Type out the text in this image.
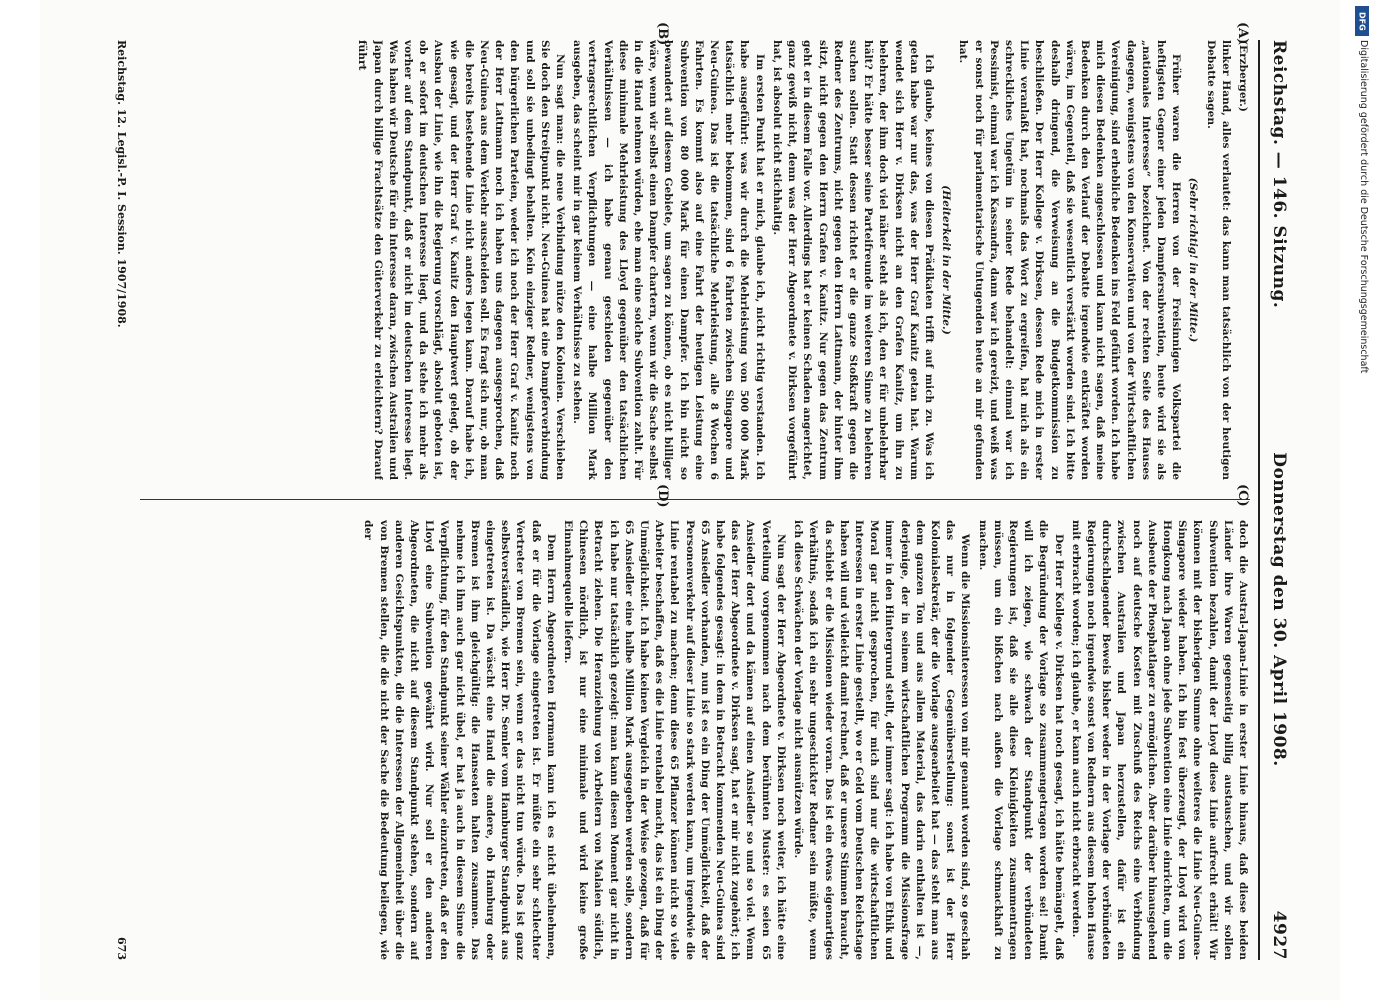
Reichstag. — 146. Sitzung.
Donnerstag den 30. April 1908.
4927

(Erzberger.)

linker Hand, alles verlautet: das kann man tatsächlich von der heutigen Debatte sagen.

(Sehr richtig! in der Mitte.)

Früher waren die Herren von der Freisinnigen Volkspartei die heftigsten Gegner einer jeden Dampfersubvention, heute wird sie als „nationales Interesse“ bezeichnet. Von der rechten Seite des Hauses dagegen, wenigstens von den Konservativen und von der Wirtschaftlichen Vereinigung, sind erhebliche Bedenken ins Feld geführt worden. Ich habe mich diesen Bedenken angeschlossen und kann nicht sagen, daß meine Bedenken durch den Verlauf der Debatte irgendwie entkräftet worden wären, im Gegenteil, daß sie wesentlich verstärkt worden sind. Ich bitte deshalb dringend, die Verweisung an die Budgetkommission zu beschließen. Der Herr Kollege v. Dirksen, dessen Rede mich in erster Linie veranlaßt hat, nochmals das Wort zu ergreifen, hat mich als ein schreckliches Ungetüm in seiner Rede behandelt: einmal war ich Pessimist, einmal war ich Kassandra, dann war ich gereizt, und weiß was er sonst noch für parlamentarische Untugenden heute an mir gefunden hat.

(Heiterkeit in der Mitte.)

Ich glaube, keines von diesen Prädikaten trifft auf mich zu. Was ich getan habe war nur das, was der Herr Graf Kanitz getan hat. Warum wendet sich Herr v. Dirksen nicht an den Grafen Kanitz, um ihn zu belehren, der ihm doch viel näher steht als ich, den er für unbelehrbar hält? Er hätte besser seine Parteifreunde im weiteren Sinne zu belehren suchen sollen. Statt dessen richtet er die ganze Stoßkraft gegen die Redner des Zentrums, nicht gegen den Herrn Lattmann, der hinter ihm sitzt, nicht gegen den Herrn Grafen v. Kanitz. Nur gegen das Zentrum geht er in diesem Falle vor. Allerdings hat er keinen Schaden angerichtet, ganz gewiß nicht, denn was der Herr Abgeordnete v. Dirksen vorgeführt hat, ist absolut nicht stichhaltig.

Im ersten Punkt hat er mich, glaube ich, nicht richtig verstanden. Ich habe ausgeführt: was wir durch die Mehrleistung von 500 000 Mark tatsächlich mehr bekommen, sind 6 Fahrten zwischen Singapore und Neu-Guinea. Das ist die tatsächliche Mehrleistung, alle 8 Wochen 6 Fahrten. Es kommt also auf eine Fahrt der heutigen Leistung eine Subvention von 80 000 Mark für einen Dampfer. Ich bin nicht so bewandert auf diesem Gebiete, um sagen zu können, ob es nicht billiger wäre, wenn wir selbst einen Dampfer chartern, wenn wir die Sache selbst in die Hand nehmen würden, ehe man eine solche Subvention zahlt. Für diese minimale Mehrleistung des Lloyd gegenüber den tatsächlichen Verhältnissen — ich habe genau geschieden gegenüber den vertragsrechtlichen Verpflichtungen — eine halbe Million Mark ausgeben, das scheint mir in gar keinem Verhältnisse zu stehen.

Nun sagt man: die neue Verbindung nütze den Kolonien. Verschieben Sie doch den Streitpunkt nicht. Neu-Guinea hat eine Dampferverbindung und soll sie unbedingt behalten. Kein einziger Redner, wenigstens von den bürgerlichen Parteien, weder ich noch der Herr Graf v. Kanitz noch der Herr Lattmann noch ich haben uns dagegen ausgesprochen, daß Neu-Guinea aus dem Verkehr ausscheiden soll. Es fragt sich nur, ob man die bereits bestehende Linie nicht anders legen kann. Darauf habe ich, wie gesagt, und der Herr Graf v. Kanitz den Hauptwert gelegt, ob der Ausbau der Linie, wie ihn die Regierung vorschlägt, absolut geboten ist, ob er sofort im deutschen Interesse liegt, und da stehe ich mehr als vorher auf dem Standpunkt, daß er nicht im deutschen Interesse liegt. Was haben wir Deutsche für ein Interesse daran, zwischen Australien und Japan durch billige Frachtsätze den Güterverkehr zu erleichtern? Darauf führt

doch die Austral-Japan-Linie in erster Linie hinaus, daß diese beiden Länder ihre Waren gegenseitig billig austauschen, und wir sollen Subvention bezahlen, damit der Lloyd diese Linie aufrecht erhält! Wir können mit der bisherigen Summe ohne weiteres die Linie Neu-Guinea-Singapore wieder haben. Ich bin fest überzeugt, der Lloyd wird von Hongkong nach Japan ohne jede Subvention eine Linie einrichten, um die Ausbeute der Phosphatlager zu ermöglichen. Aber darüber hinausgehend noch auf deutsche Kosten mit Zuschuß des Reichs eine Verbindung zwischen Australien und Japan herzustellen, dafür ist ein durchschlagender Beweis bisher weder in der Vorlage der verbündeten Regierungen noch irgendwie sonst von Rednern aus diesem hohen Hause mit erbracht worden; ich glaube, er kann auch nicht erbracht werden.

Der Herr Kollege v. Dirksen hat noch gesagt, ich hätte bemängelt, daß die Begründung der Vorlage so zusammengetragen worden sei! Damit will ich zeigen, wie schwach der Standpunkt der verbündeten Regierungen ist, daß sie alle diese Kleinigkeiten zusammentragen müssen, um ein bißchen nach außen die Vorlage schmackhaft zu machen.

Wenn die Missionsinteressen von mir genannt worden sind, so geschah das nur in folgender Gegenüberstellung: sonst ist der Herr Kolonialsekretär, der die Vorlage ausgearbeitet hat — das steht man aus dem ganzen Ton und aus allem Material, das darin enthalten ist —, derjenige, der in seinem wirtschaftlichen Programm die Missionsfrage immer in den Hintergrund stellt, der immer sagt: ich habe von Ethik und Moral gar nicht gesprochen, für mich sind nur die wirtschaftlichen Interessen in erster Linie gestellt, wo er Geld vom Deutschen Reichstage haben will und vielleicht damit rechnet, daß er unsere Stimmen braucht, da schiebt er die Missionen wieder voran. Das ist ein etwas eigenartiges Verhältnis, sodaß ich ein sehr ungeschickter Redner sein müßte, wenn ich diese Schwächen der Vorlage nicht ausnützen würde.

Nun sagt der Herr Abgeordnete v. Dirksen noch weiter, ich hätte eine Verteilung vorgenommen nach dem berühmten Muster: es seien 65 Ansiedler dort und da kämen auf einen Ansiedler so und so viel. Wenn das der Herr Abgeordnete v. Dirksen sagt, hat er mir nicht zugehört; ich habe folgendes gesagt: in dem in Betracht kommenden Neu-Guinea sind 65 Ansiedler vorhanden, nun ist es ein Ding der Unmöglichkeit, daß der Personenverkehr auf dieser Linie so stark werden kann, um irgendwie die Linie rentabel zu machen; denn diese 65 Pflanzer können nicht so viele Arbeiter beschaffen, daß es die Linie rentabel macht, das ist ein Ding der Unmöglichkeit. Ich habe keinen Vergleich in der Weise gezogen, daß für 65 Ansiedler eine halbe Million Mark ausgegeben werden solle, sondern ich habe nur tatsächlich gezeigt: man kann diesen Moment gar nicht in Betracht ziehen. Die Heranziehung von Arbeitern von Malaien südlich, Chinesen nördlich, ist nur eine minimale und wird keine große Einnahmequelle liefern.

Dem Herrn Abgeordneten Hormann kann ich es nicht übelnehmen, daß er für die Vorlage eingetreten ist. Er müßte ein sehr schlechter Vertreter von Bremen sein, wenn er das nicht tun würde. Das ist ganz selbstverständlich, wie Herr Dr. Semler vom Hamburger Standpunkt aus eingetreten ist. Da wäscht eine Hand die andere, ob Hamburg oder Bremen ist ihm gleichgültig: die Hanseaten halten zusammen. Das nehme ich ihm auch gar nicht übel, er hat ja auch in diesem Sinne die Verpflichtung, für den Standpunkt seiner Wähler einzutreten, daß er den Lloyd eine Subvention gewährt wird. Nur soll er den anderen Abgeordneten, die nicht auf diesem Standpunkt stehen, sondern auf anderen Gesichtspunkten, die die Interessen der Allgemeinheit über die von Bremen stellen, die die nicht der Sache die Bedeutung beilegen, wie der

(A)
(B)
(C)
(D)
Reichstag. 12. Legisl.-P. I. Session. 1907/1908.
673
DFG
Digitalisierung gefördert durch die Deutsche Forschungsgemeinschaft
